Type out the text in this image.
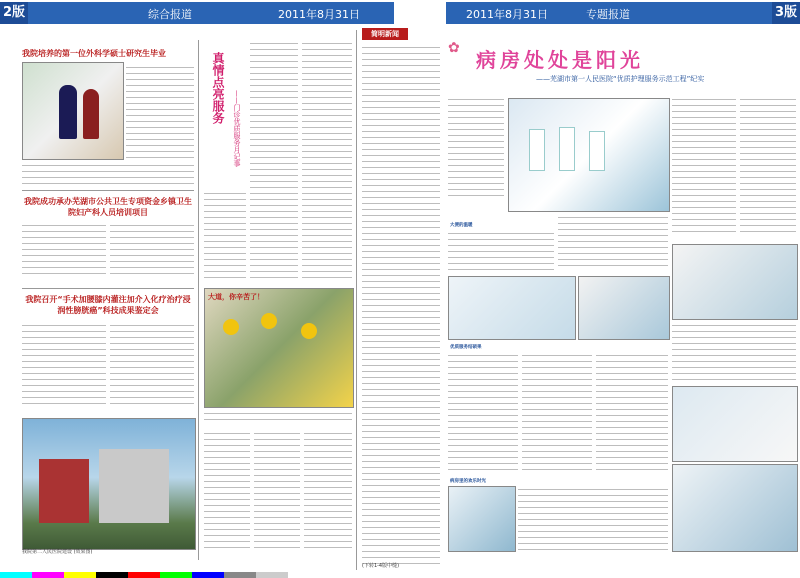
2版	综合报道	2011年8月31日
我院培养的第一位外科学硕士研究生毕业
我院成功承办芜湖市公共卫生专项资金乡镇卫生院妇产科人员培训项目
我院召开“手术加腰膝内灌注加介入化疗治疗浸润性膀胱癌”科技成果鉴定会
我院第二人民医院建设 (效果图)
真情点亮服务
——门诊优质服务月记事
大道，你辛苦了！
简明新闻
(下转1-4版中缝)
2011年8月31日	专题报道	3版
✿ 病房处处是阳光
——芜湖市第一人民医院“优质护理服务示范工程”纪实
大便的温暖
优质服务结硕果
病房里的欢乐时光
